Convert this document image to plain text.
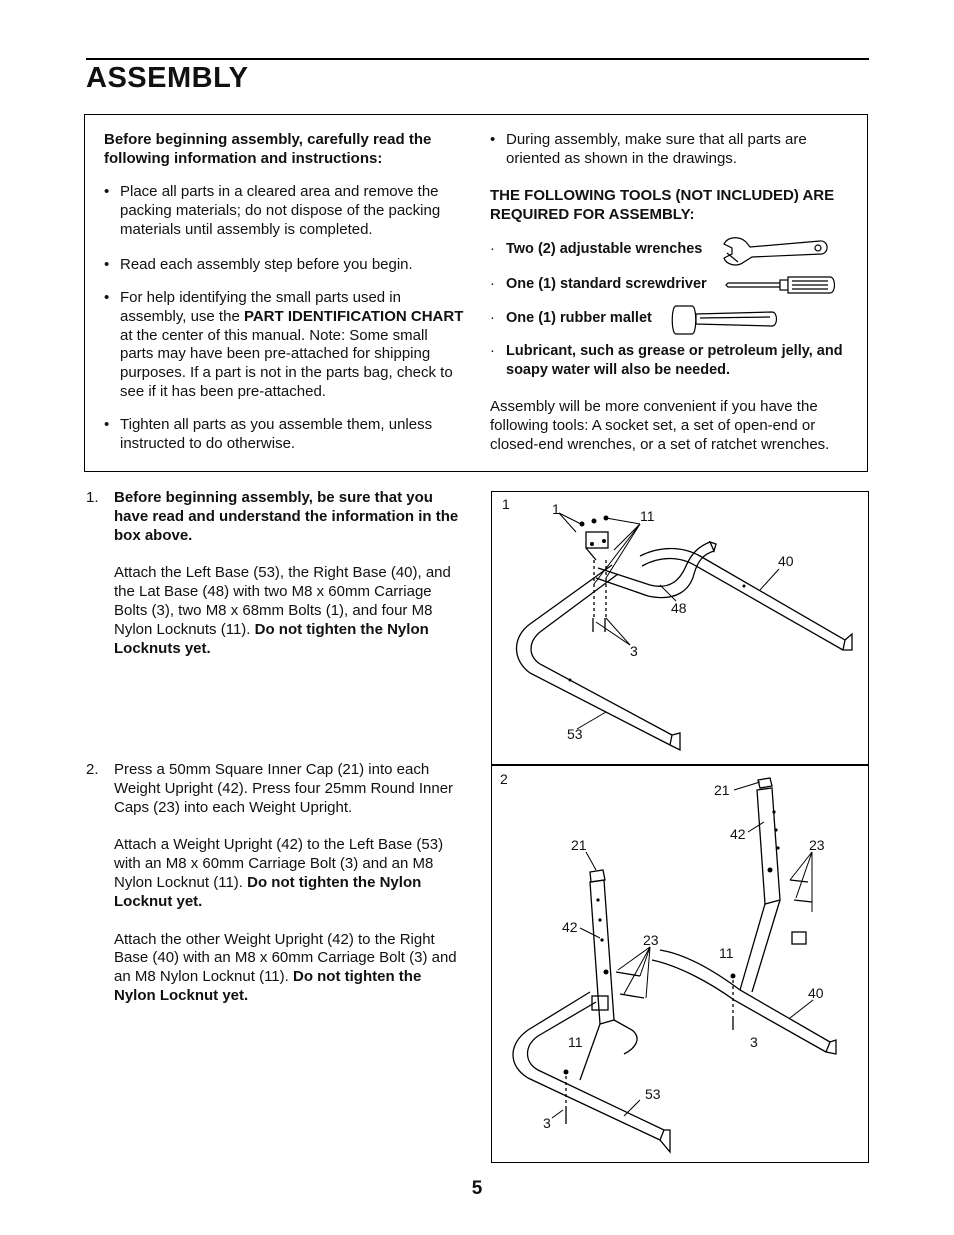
ASSEMBLY

Before beginning assembly, carefully read the following information and instructions:

• Place all parts in a cleared area and remove the packing materials; do not dispose of the packing materials until assembly is completed.
• Read each assembly step before you begin.
• For help identifying the small parts used in assembly, use the PART IDENTIFICATION CHART at the center of this manual. Note: Some small parts may have been pre-attached for shipping purposes. If a part is not in the parts bag, check to see if it has been pre-attached.
• Tighten all parts as you assemble them, unless instructed to do otherwise.
• During assembly, make sure that all parts are oriented as shown in the drawings.

THE FOLLOWING TOOLS (NOT INCLUDED) ARE REQUIRED FOR ASSEMBLY:

· Two (2) adjustable wrenches
· One (1) standard screwdriver
· One (1) rubber mallet
· Lubricant, such as grease or petroleum jelly, and soapy water will also be needed.

Assembly will be more convenient if you have the following tools: A socket set, a set of open-end or closed-end wrenches, or a set of ratchet wrenches.

1. Before beginning assembly, be sure that you have read and understand the information in the box above.

Attach the Left Base (53), the Right Base (40), and the Lat Base (48) with two M8 x 60mm Carriage Bolts (3), two M8 x 68mm Bolts (1), and four M8 Nylon Locknuts (11). Do not tighten the Nylon Locknuts yet.

2. Press a 50mm Square Inner Cap (21) into each Weight Upright (42). Press four 25mm Round Inner Caps (23) into each Weight Upright.

Attach a Weight Upright (42) to the Left Base (53) with an M8 x 60mm Carriage Bolt (3) and an M8 Nylon Locknut (11). Do not tighten the Nylon Locknut yet.

Attach the other Weight Upright (42) to the Right Base (40) with an M8 x 60mm Carriage Bolt (3) and an M8 Nylon Locknut (11). Do not tighten the Nylon Locknut yet.

1	1	11
40
48
3
53
2
21
42
23
21
42
23
11
40
11	3
53
3
5
